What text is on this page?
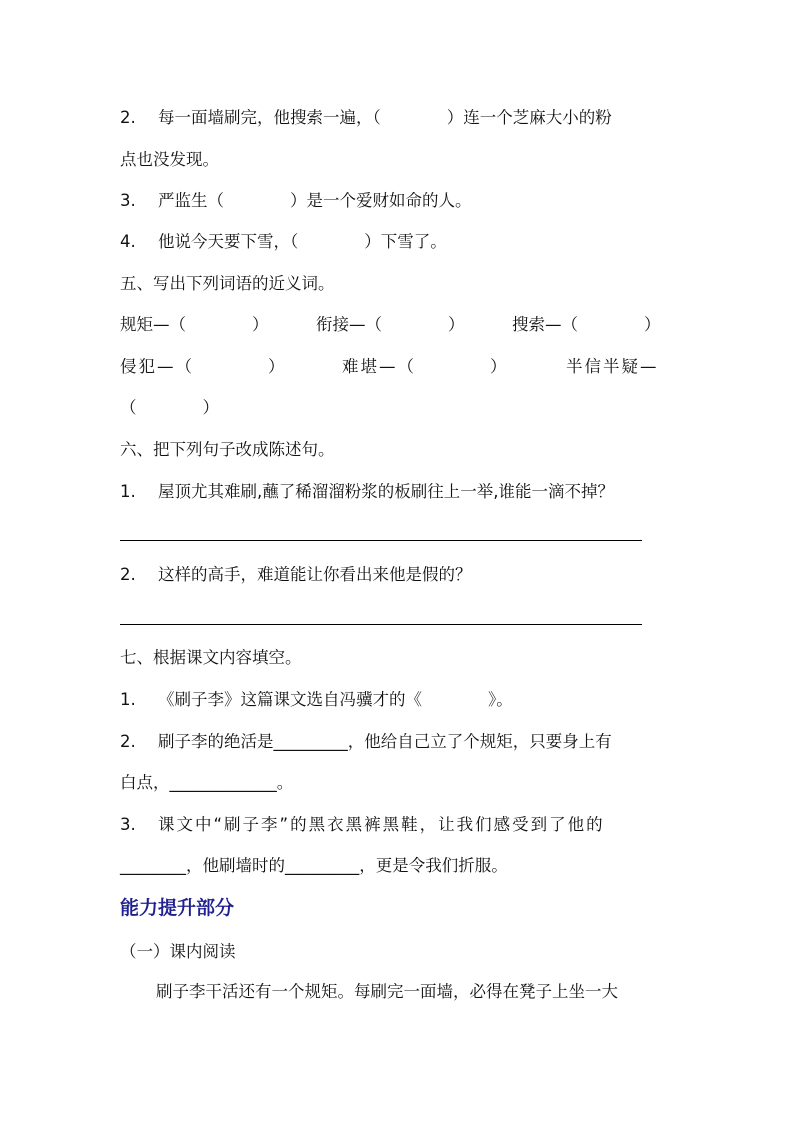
2. 每一面墙刷完，他搜索一遍，（　　　　）连一个芝麻大小的粉
点也没发现。
3. 严监生（　　　　）是一个爱财如命的人。
4. 他说今天要下雪，（　　　　）下雪了。
五、写出下列词语的近义词。
规矩—（　　　　）	衔接—（　　　　）	搜索—（　　　　）
侵犯—（　　　　）	难堪—（　　　　）	半信半疑—
（　　　　）
六、把下列句子改成陈述句。
1. 屋顶尤其难刷,蘸了稀溜溜粉浆的板刷往上一举,谁能一滴不掉？
2. 这样的高手，难道能让你看出来他是假的？
七、根据课文内容填空。
1. 《刷子李》这篇课文选自冯骥才的《　　　　》。
2. 刷子李的绝活是_________，他给自己立了个规矩，只要身上有
白点，_____________。
3. 课文中“刷子李”的黑衣黑裤黑鞋，让我们感受到了他的
________，他刷墙时的_________，更是令我们折服。
能力提升部分
（一）课内阅读
刷子李干活还有一个规矩。每刷完一面墙，必得在凳子上坐一大
